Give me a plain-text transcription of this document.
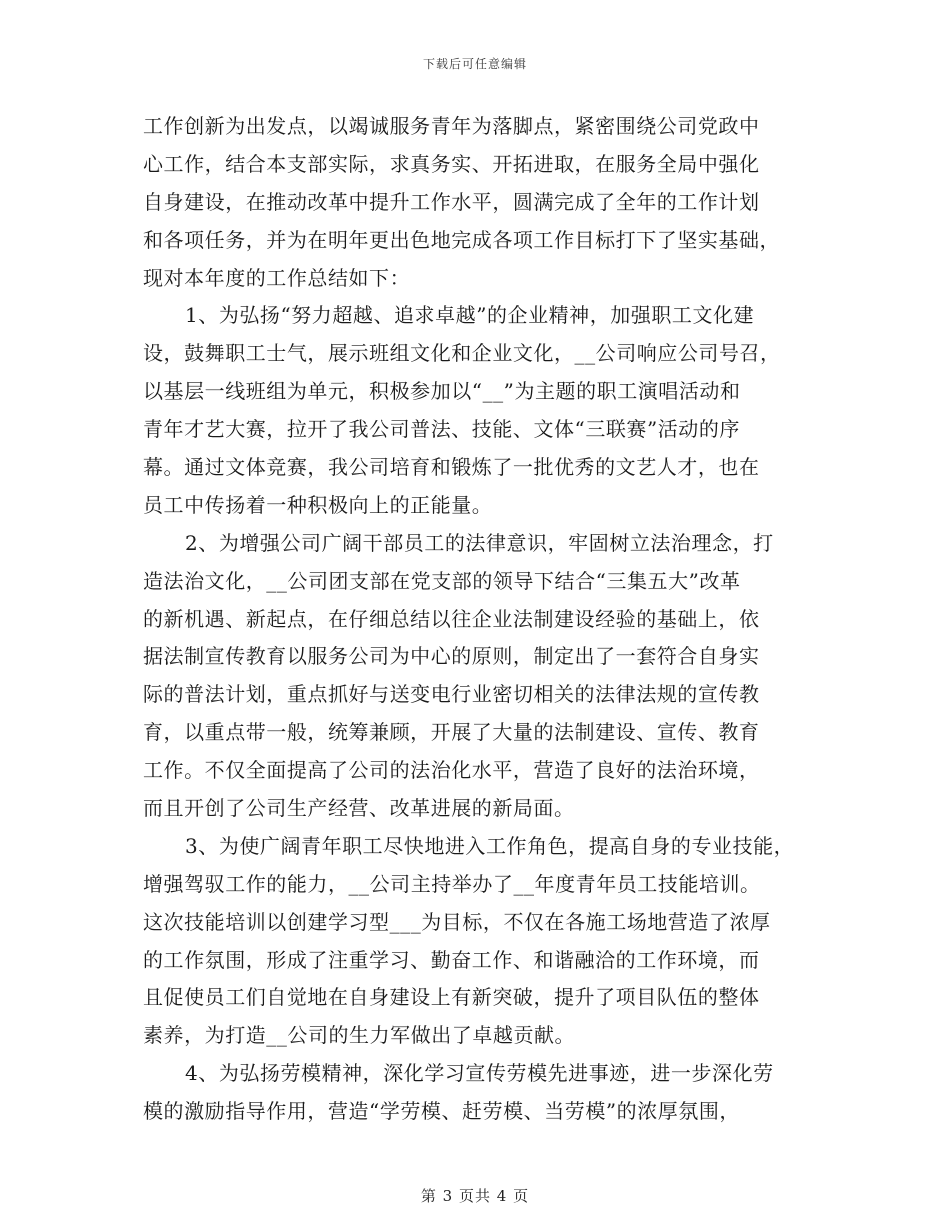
下载后可任意编辑
工作创新为出发点，以竭诚服务青年为落脚点，紧密围绕公司党政中
心工作，结合本支部实际，求真务实、开拓进取，在服务全局中强化
自身建设，在推动改革中提升工作水平，圆满完成了全年的工作计划
和各项任务，并为在明年更出色地完成各项工作目标打下了坚实基础，
现对本年度的工作总结如下：
1、为弘扬“努力超越、追求卓越”的企业精神，加强职工文化建
设，鼓舞职工士气，展示班组文化和企业文化，__公司响应公司号召，
以基层一线班组为单元，积极参加以“__”为主题的职工演唱活动和
青年才艺大赛，拉开了我公司普法、技能、文体“三联赛”活动的序
幕。通过文体竞赛，我公司培育和锻炼了一批优秀的文艺人才，也在
员工中传扬着一种积极向上的正能量。
2、为增强公司广阔干部员工的法律意识，牢固树立法治理念，打
造法治文化，__公司团支部在党支部的领导下结合“三集五大”改革
的新机遇、新起点，在仔细总结以往企业法制建设经验的基础上，依
据法制宣传教育以服务公司为中心的原则，制定出了一套符合自身实
际的普法计划，重点抓好与送变电行业密切相关的法律法规的宣传教
育，以重点带一般，统筹兼顾，开展了大量的法制建设、宣传、教育
工作。不仅全面提高了公司的法治化水平，营造了良好的法治环境，
而且开创了公司生产经营、改革进展的新局面。
3、为使广阔青年职工尽快地进入工作角色，提高自身的专业技能，
增强驾驭工作的能力，__公司主持举办了__年度青年员工技能培训。
这次技能培训以创建学习型___为目标，不仅在各施工场地营造了浓厚
的工作氛围，形成了注重学习、勤奋工作、和谐融洽的工作环境，而
且促使员工们自觉地在自身建设上有新突破，提升了项目队伍的整体
素养，为打造__公司的生力军做出了卓越贡献。
4、为弘扬劳模精神，深化学习宣传劳模先进事迹，进一步深化劳
模的激励指导作用，营造“学劳模、赶劳模、当劳模”的浓厚氛围，
第 3 页共 4 页
